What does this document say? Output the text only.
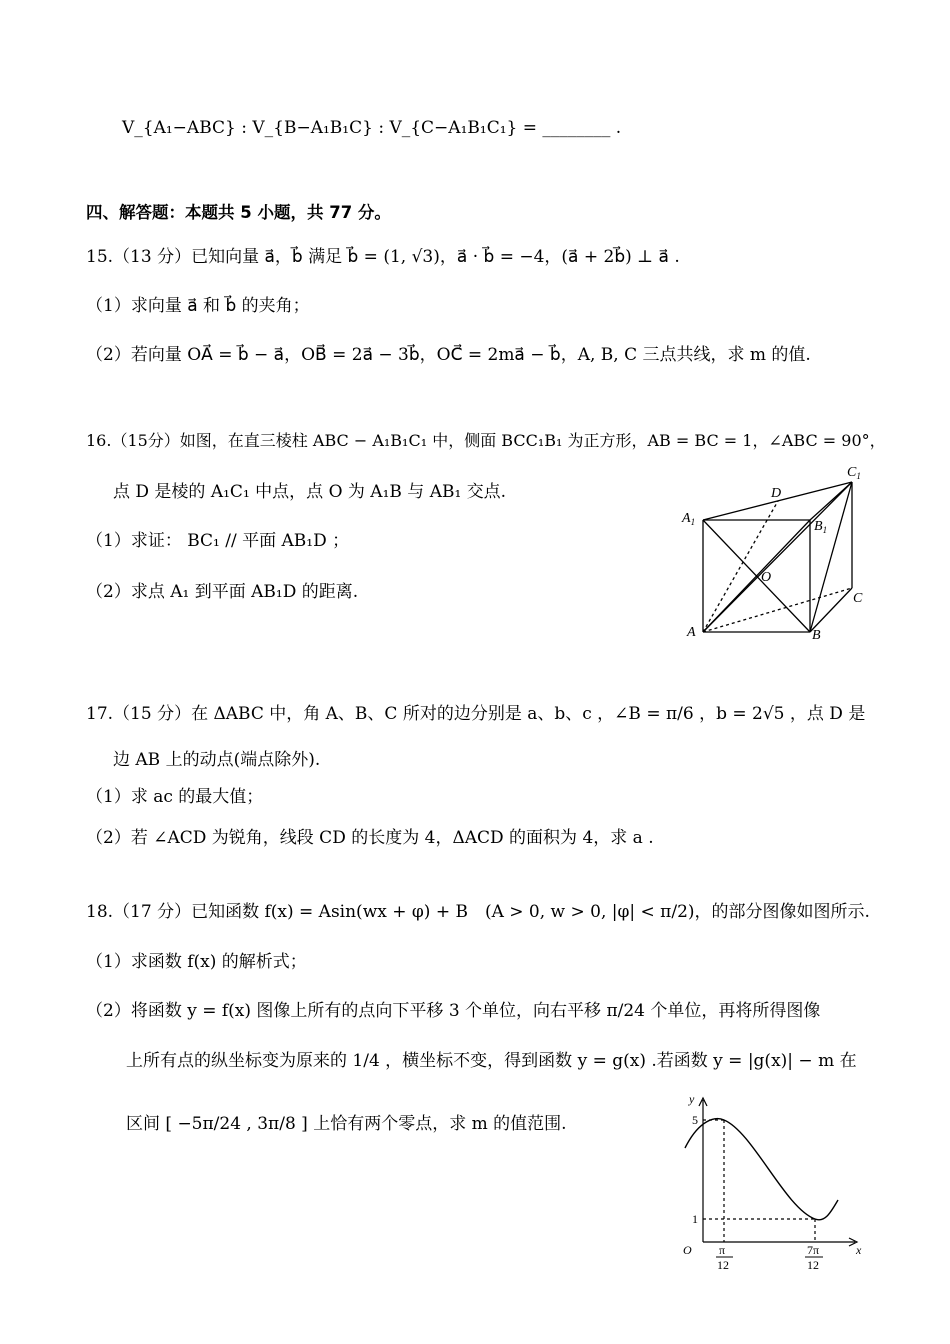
V_{A₁−ABC} : V_{B−A₁B₁C} : V_{C−A₁B₁C₁} = ________ .
四、解答题：本题共 5 小题，共 77 分。
15.（13 分）已知向量 a⃗，b⃗ 满足 b⃗ = (1, √3)，a⃗ · b⃗ = −4，(a⃗ + 2b⃗) ⊥ a⃗ .
（1）求向量 a⃗ 和 b⃗ 的夹角；
（2）若向量 OA⃗ = b⃗ − a⃗，OB⃗ = 2a⃗ − 3b⃗，OC⃗ = 2ma⃗ − b⃗，A, B, C 三点共线，求 m 的值.
16.（15分）如图，在直三棱柱 ABC − A₁B₁C₁ 中，侧面 BCC₁B₁ 为正方形，AB = BC = 1，∠ABC = 90°，
点 D 是棱的 A₁C₁ 中点，点 O 为 A₁B 与 AB₁ 交点.
（1）求证： BC₁ // 平面 AB₁D ；
（2）求点 A₁ 到平面 AB₁D 的距离.
$C_1$
D
$A_1$	$B_1$
O
C
A	B
17.（15 分）在 ΔABC 中，角 A、B、C 所对的边分别是 a、b、c ，∠B = π/6 ，b = 2√5 ，点 D 是
边 AB 上的动点(端点除外).
（1）求 ac 的最大值；
（2）若 ∠ACD 为锐角，线段 CD 的长度为 4，ΔACD 的面积为 4，求 a .
18.（17 分）已知函数 f(x) = Asin(wx + φ) + B　(A > 0, w > 0, |φ| < π/2)，的部分图像如图所示.
（1）求函数 f(x) 的解析式；
（2）将函数 y = f(x) 图像上所有的点向下平移 3 个单位，向右平移 π/24 个单位，再将所得图像
上所有点的纵坐标变为原来的 1/4 ，横坐标不变，得到函数 y = g(x) .若函数 y = |g(x)| − m 在
区间 [ −5π/24 , 3π/8 ] 上恰有两个零点，求 m 的值范围.
y
x
O
5
1
π
12
7π
12
